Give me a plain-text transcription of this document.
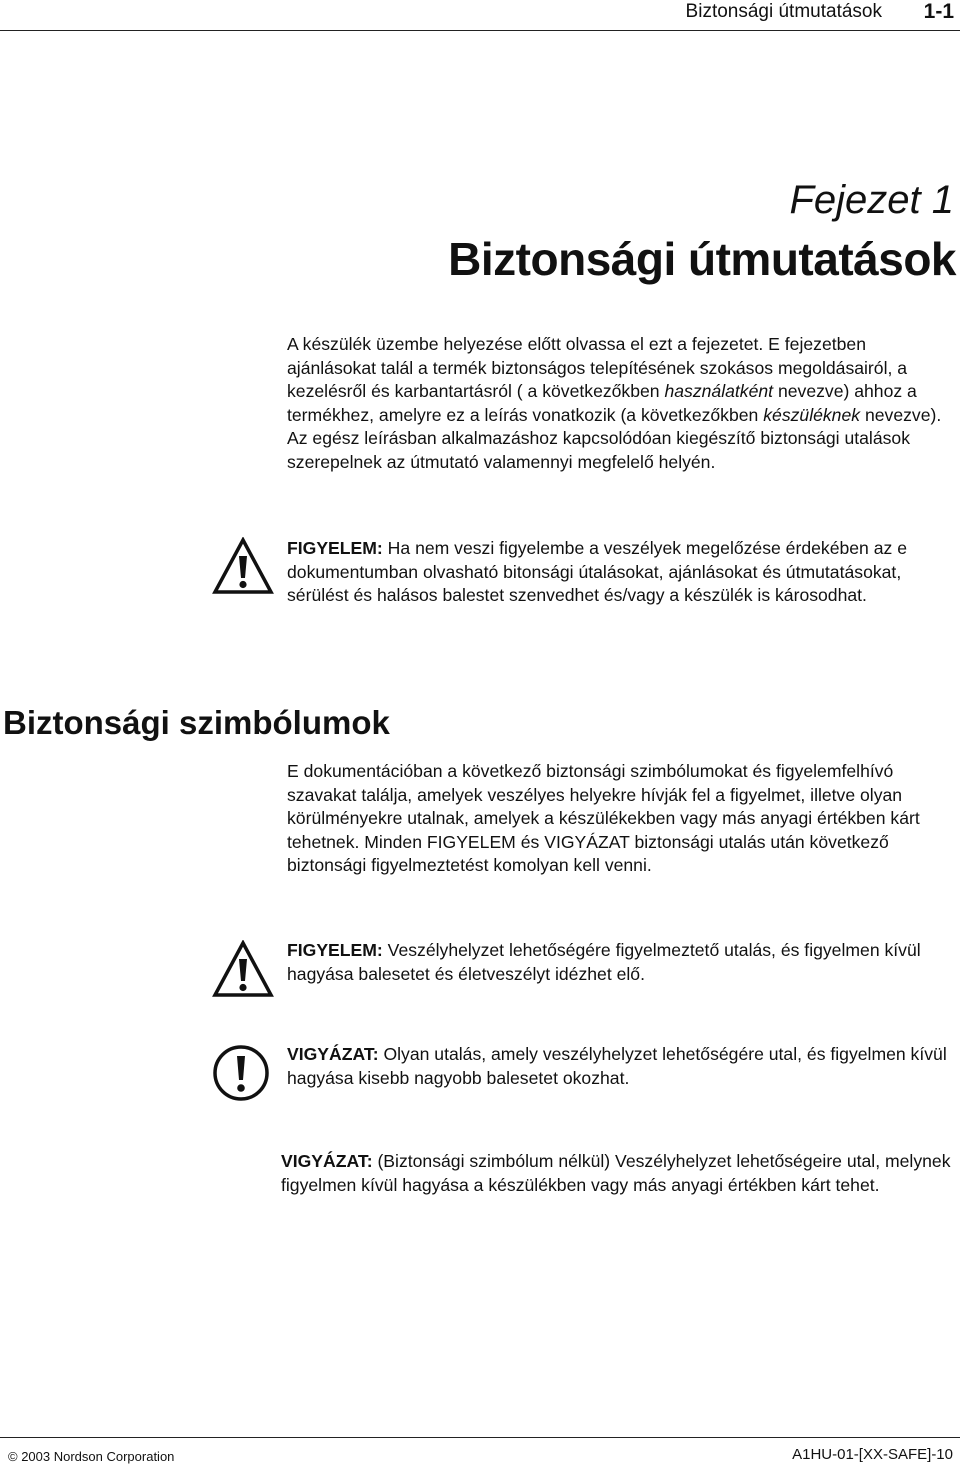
Biztonsági útmutatások 1-1
Fejezet 1
Biztonsági útmutatások

A készülék üzembe helyezése előtt olvassa el ezt a fejezetet. E fejezetben ajánlásokat talál a termék biztonságos telepítésének szokásos megoldásairól, a kezelésről és karbantartásról ( a következőkben használatként nevezve) ahhoz a termékhez, amelyre ez a leírás vonatkozik (a következőkben készüléknek nevezve). Az egész leírásban alkalmazáshoz kapcsolódóan kiegészítő biztonsági utalások szerepelnek az útmutató valamennyi megfelelő helyén.

FIGYELEM: Ha nem veszi figyelembe a veszélyek megelőzése érdekében az e dokumentumban olvasható bitonsági útalásokat, ajánlásokat és útmutatásokat, sérülést és halásos balestet szenvedhet és/vagy a készülék is károsodhat.

Biztonsági szimbólumok

E dokumentációban a következő biztonsági szimbólumokat és figyelemfelhívó szavakat találja, amelyek veszélyes helyekre hívják fel a figyelmet, illetve olyan körülményekre utalnak, amelyek a készülékekben vagy más anyagi értékben kárt tehetnek. Minden FIGYELEM és VIGYÁZAT biztonsági utalás után következő biztonsági figyelmeztetést komolyan kell venni.

FIGYELEM: Veszélyhelyzet lehetőségére figyelmeztető utalás, és figyelmen kívül hagyása balesetet és életveszélyt idézhet elő.

VIGYÁZAT: Olyan utalás, amely veszélyhelyzet lehetőségére utal, és figyelmen kívül hagyása kisebb nagyobb balesetet okozhat.

VIGYÁZAT: (Biztonsági szimbólum nélkül) Veszélyhelyzet lehetőségeire utal, melynek figyelmen kívül hagyása a készülékben vagy más anyagi értékben kárt tehet.

© 2003 Nordson Corporation	A1HU-01-[XX-SAFE]-10
